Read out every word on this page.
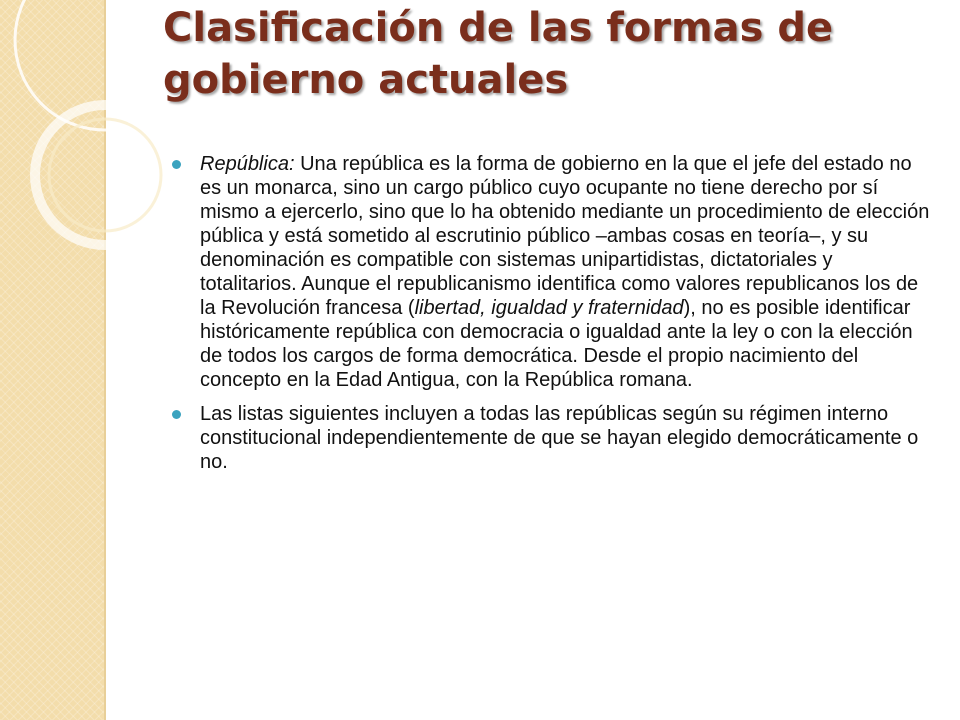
Clasificación de las formas de gobierno actuales
República: Una república es la forma de gobierno en la que el jefe del estado no es un monarca, sino un cargo público cuyo ocupante no tiene derecho por sí mismo a ejercerlo, sino que lo ha obtenido mediante un procedimiento de elección pública y está sometido al escrutinio público –ambas cosas en teoría–, y su denominación es compatible con sistemas unipartidistas, dictatoriales y totalitarios. Aunque el republicanismo identifica como valores republicanos los de la Revolución francesa (libertad, igualdad y fraternidad), no es posible identificar históricamente república con democracia o igualdad ante la ley o con la elección de todos los cargos de forma democrática. Desde el propio nacimiento del concepto en la Edad Antigua, con la República romana.
Las listas siguientes incluyen a todas las repúblicas según su régimen interno constitucional independientemente de que se hayan elegido democráticamente o no.
